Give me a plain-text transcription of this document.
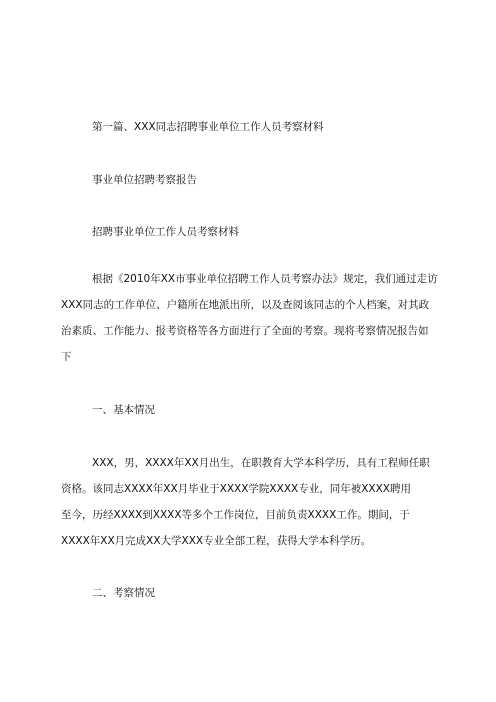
第一篇、XXX同志招聘事业单位工作人员考察材料
事业单位招聘考察报告
招聘事业单位工作人员考察材料
根据《2010年XX市事业单位招聘工作人员考察办法》规定，我们通过走访
XXX同志的工作单位、户籍所在地派出所，以及查阅该同志的个人档案，对其政
治素质、工作能力、报考资格等各方面进行了全面的考察。现将考察情况报告如
下
一、基本情况
XXX，男，XXXX年XX月出生，在职教育大学本科学历，具有工程师任职
资格。该同志XXXX年XX月毕业于XXXX学院XXXX专业，同年被XXXX聘用
至今，历经XXXX到XXXX等多个工作岗位，目前负责XXXX工作。期间，于
XXXX年XX月完成XX大学XXX专业全部工程，获得大学本科学历。
二、考察情况
